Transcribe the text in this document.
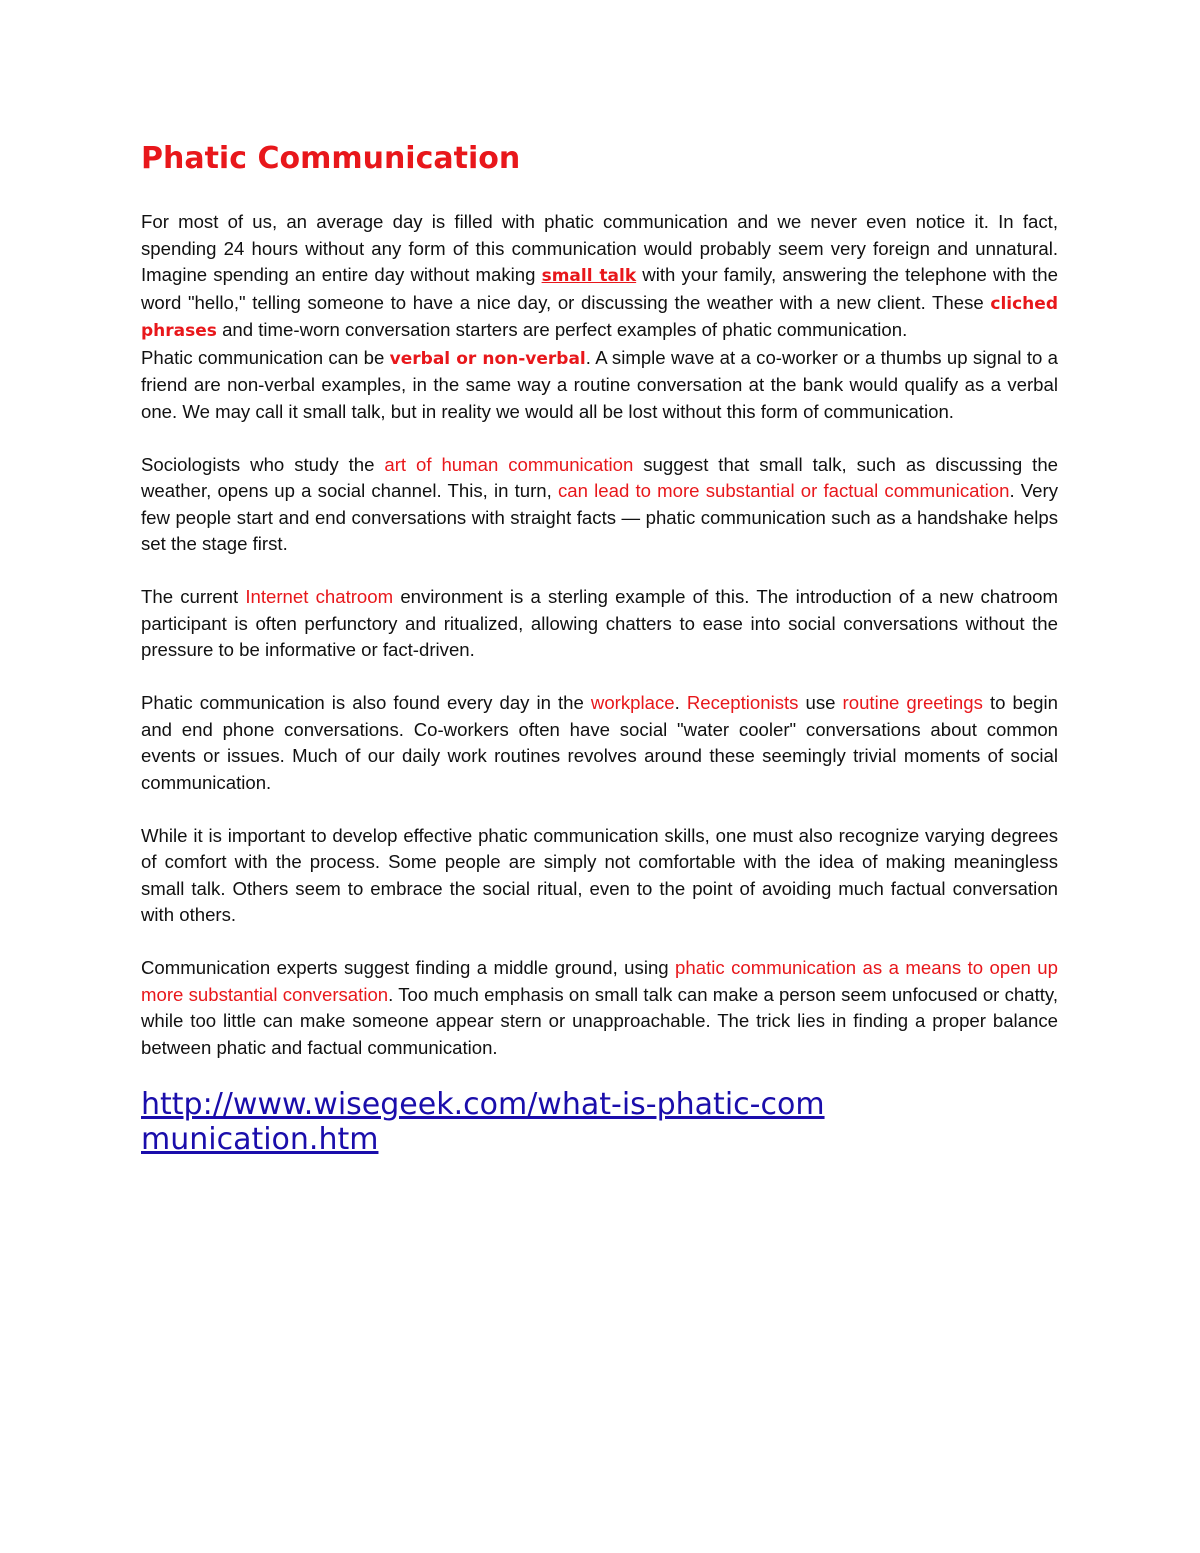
Phatic Communication

For most of us, an average day is filled with phatic communication and we never even notice it. In fact, spending 24 hours without any form of this communication would probably seem very foreign and unnatural. Imagine spending an entire day without making small talk with your family, answering the telephone with the word "hello," telling someone to have a nice day, or discussing the weather with a new client. These cliched phrases and time-worn conversation starters are perfect examples of phatic communication.

Phatic communication can be verbal or non-verbal. A simple wave at a co-worker or a thumbs up signal to a friend are non-verbal examples, in the same way a routine conversation at the bank would qualify as a verbal one. We may call it small talk, but in reality we would all be lost without this form of communication.

Sociologists who study the art of human communication suggest that small talk, such as discussing the weather, opens up a social channel. This, in turn, can lead to more substantial or factual communication. Very few people start and end conversations with straight facts — phatic communication such as a handshake helps set the stage first.

The current Internet chatroom environment is a sterling example of this. The introduction of a new chatroom participant is often perfunctory and ritualized, allowing chatters to ease into social conversations without the pressure to be informative or fact-driven.

Phatic communication is also found every day in the workplace. Receptionists use routine greetings to begin and end phone conversations. Co-workers often have social "water cooler" conversations about common events or issues. Much of our daily work routines revolves around these seemingly trivial moments of social communication.

While it is important to develop effective phatic communication skills, one must also recognize varying degrees of comfort with the process. Some people are simply not comfortable with the idea of making meaningless small talk. Others seem to embrace the social ritual, even to the point of avoiding much factual conversation with others.

Communication experts suggest finding a middle ground, using phatic communication as a means to open up more substantial conversation. Too much emphasis on small talk can make a person seem unfocused or chatty, while too little can make someone appear stern or unapproachable. The trick lies in finding a proper balance between phatic and factual communication.

http://www.wisegeek.com/what-is-phatic-communication.htm
